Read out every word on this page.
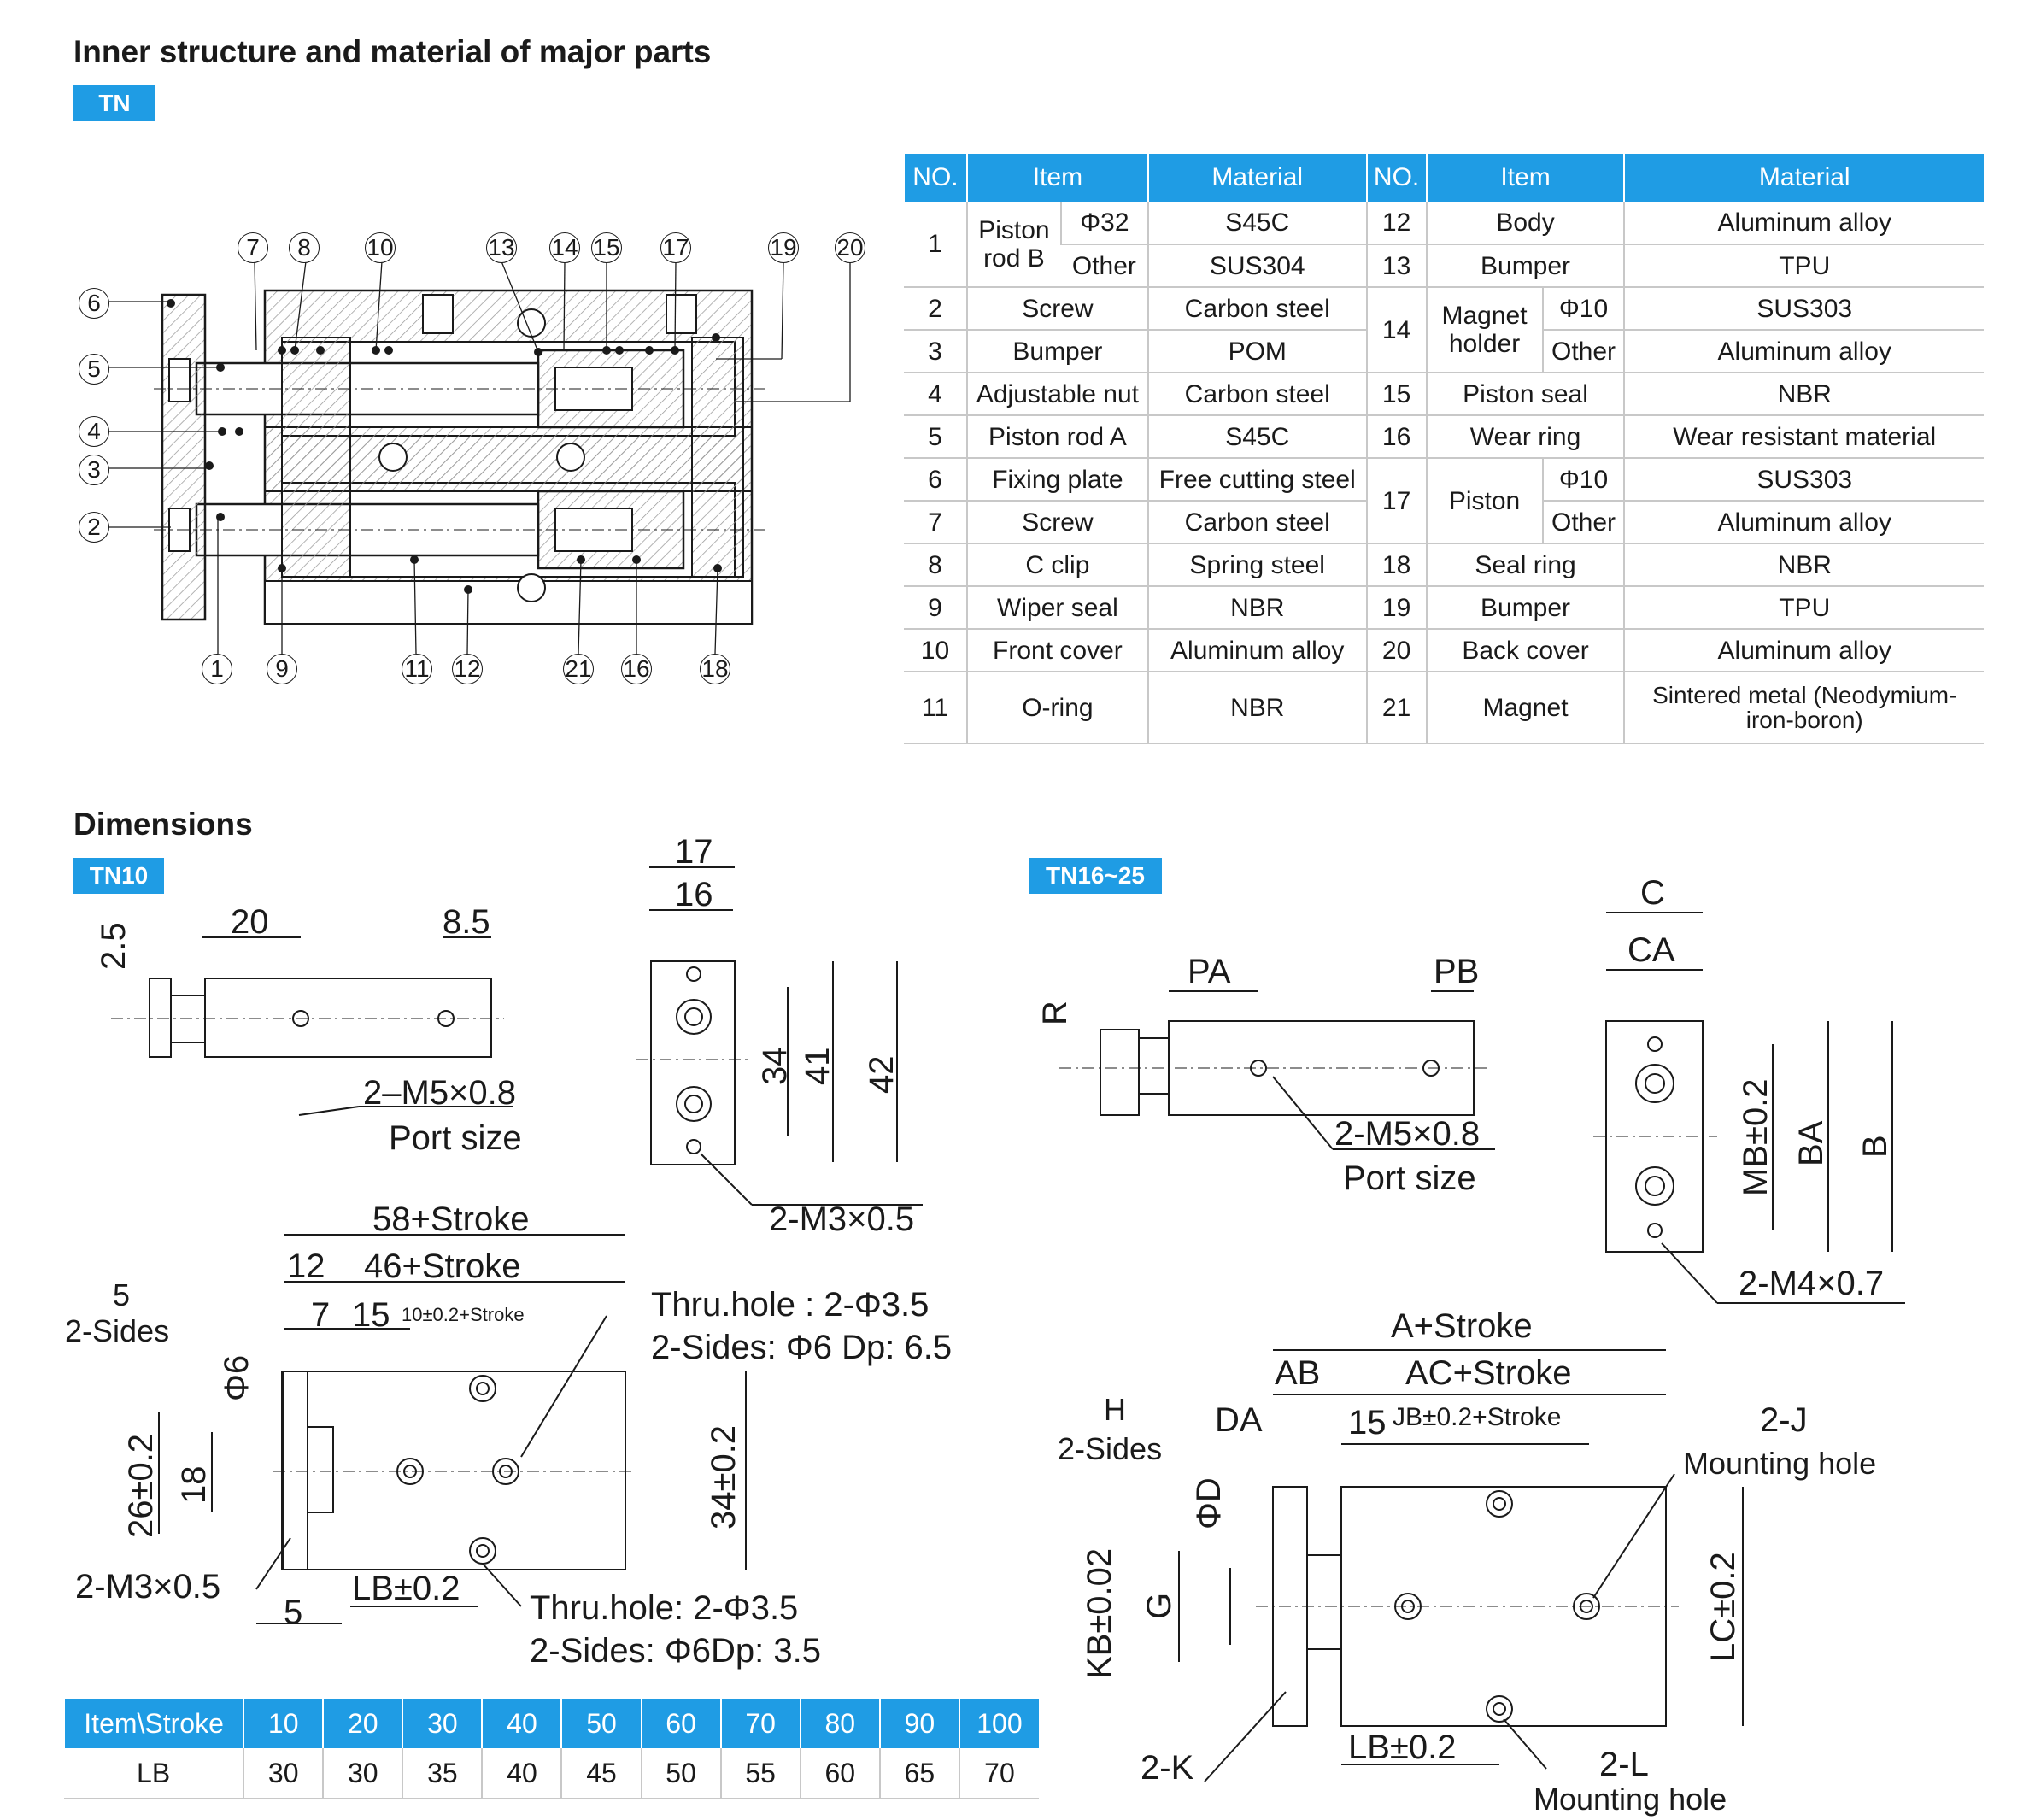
Inner structure and material of major parts
TN
Dimensions
TN10	TN16~25
1
2
3
4
5
6
7	8
9
10
11 12
13 14 15
16
17
18
19 20
21
NO.	Item		Material	NO.	Item		Material
1	Piston rod B	Φ32	S45C	12	Body		Aluminum alloy
		Other	SUS304	13	Bumper		TPU
2	Screw		Carbon steel	14	Magnet holder	Φ10	SUS303
3	Bumper		POM			Other	Aluminum alloy
4	Adjustable nut		Carbon steel	15	Piston seal		NBR
5	Piston rod A		S45C	16	Wear ring		Wear resistant material
6	Fixing plate		Free cutting steel	17	Piston	Φ10	SUS303
7	Screw		Carbon steel			Other	Aluminum alloy
8	C clip		Spring steel	18	Seal ring		NBR
9	Wiper seal		NBR	19	Bumper		TPU
10	Front cover		Aluminum alloy	20	Back cover		Aluminum alloy
11	O-ring		NBR	21	Magnet		Sintered metal (Neodymium-iron-boron)
2.5
20	8.5
2–M5×0.8
Port size
17
16
34 41 42
2-M3×0.5
58+Stroke
12 46+Stroke
5
2-Sides	7 15 10±0.2+Stroke	Thru.hole : 2-Φ3.5
2-Sides: Φ6 Dp: 6.5
Φ6
26±0.2 18	34±0.2
2-M3×0.5
5
LB±0.2
Thru.hole: 2-Φ3.5
2-Sides: Φ6Dp: 3.5
PA	PB
R
2-M5×0.8
Port size
C
CA
MB±0.2 BA B
2-M4×0.7
A+Stroke
AB AC+Stroke
H
2-Sides
DA	15 JB±0.2+Stroke	2-J
Mounting hole
ΦD
KB±0.02 G	LC±0.2
2-K
LB±0.2	2-L
Mounting hole
Item\Stroke	10	20	30	40	50	60	70	80	90	100
LB	30	30	35	40	45	50	55	60	65	70
